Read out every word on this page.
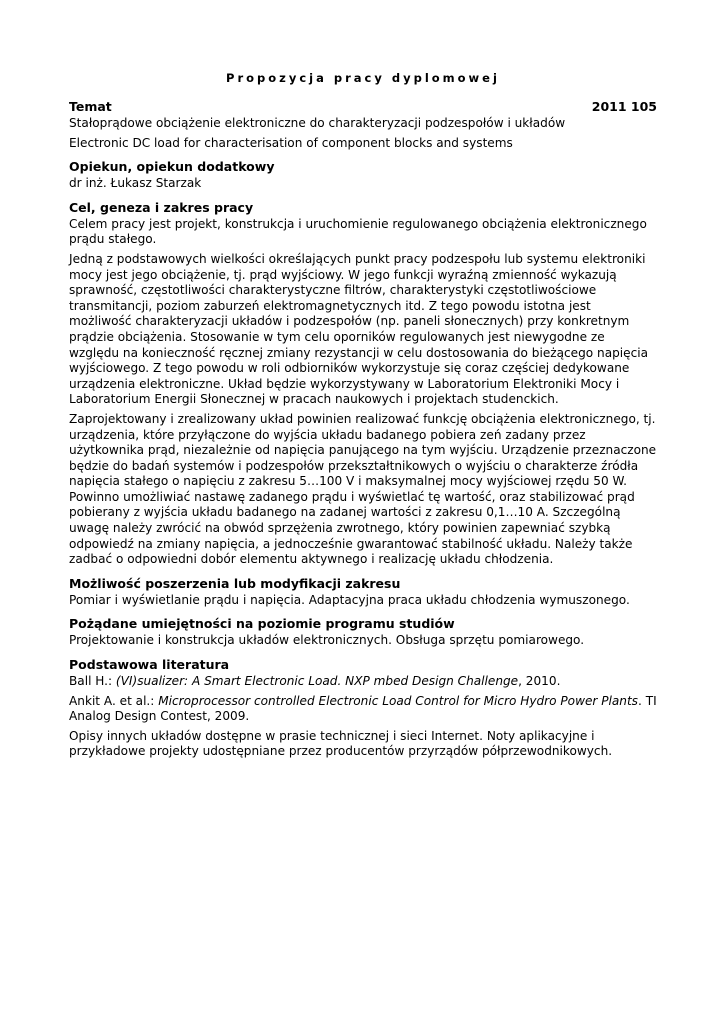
Propozycja pracy dyplomowej
Temat	2011 105

Stałoprądowe obciążenie elektroniczne do charakteryzacji podzespołów i układów

Electronic DC load for characterisation of component blocks and systems

Opiekun, opiekun dodatkowy

dr inż. Łukasz Starzak

Cel, geneza i zakres pracy

Celem pracy jest projekt, konstrukcja i uruchomienie regulowanego obciążenia elektronicznego prądu stałego.

Jedną z podstawowych wielkości określających punkt pracy podzespołu lub systemu elektroniki mocy jest jego obciążenie, tj. prąd wyjściowy. W jego funkcji wyraźną zmienność wykazują sprawność, częstotliwości charakterystyczne filtrów, charakterystyki częstotliwościowe transmitancji, poziom zaburzeń elektromagnetycznych itd. Z tego powodu istotna jest możliwość charakteryzacji układów i podzespołów (np. paneli słonecznych) przy konkretnym prądzie obciążenia. Stosowanie w tym celu oporników regulowanych jest niewygodne ze względu na konieczność ręcznej zmiany rezystancji w celu dostosowania do bieżącego napięcia wyjściowego. Z tego powodu w roli odbiorników wykorzystuje się coraz częściej dedykowane urządzenia elektroniczne. Układ będzie wykorzystywany w Laboratorium Elektroniki Mocy i Laboratorium Energii Słonecznej w pracach naukowych i projektach studenckich.

Zaprojektowany i zrealizowany układ powinien realizować funkcję obciążenia elektronicznego, tj. urządzenia, które przyłączone do wyjścia układu badanego pobiera zeń zadany przez użytkownika prąd, niezależnie od napięcia panującego na tym wyjściu. Urządzenie przeznaczone będzie do badań systemów i podzespołów przekształtnikowych o wyjściu o charakterze źródła napięcia stałego o napięciu z zakresu 5…100 V i maksymalnej mocy wyjściowej rzędu 50 W. Powinno umożliwiać nastawę zadanego prądu i wyświetlać tę wartość, oraz stabilizować prąd pobierany z wyjścia układu badanego na zadanej wartości z zakresu 0,1…10 A. Szczególną uwagę należy zwrócić na obwód sprzężenia zwrotnego, który powinien zapewniać szybką odpowiedź na zmiany napięcia, a jednocześnie gwarantować stabilność układu. Należy także zadbać o odpowiedni dobór elementu aktywnego i realizację układu chłodzenia.

Możliwość poszerzenia lub modyfikacji zakresu

Pomiar i wyświetlanie prądu i napięcia. Adaptacyjna praca układu chłodzenia wymuszonego.

Pożądane umiejętności na poziomie programu studiów

Projektowanie i konstrukcja układów elektronicznych. Obsługa sprzętu pomiarowego.

Podstawowa literatura

Ball H.: (VI)sualizer: A Smart Electronic Load. NXP mbed Design Challenge, 2010.

Ankit A. et al.: Microprocessor controlled Electronic Load Control for Micro Hydro Power Plants. TI Analog Design Contest, 2009.

Opisy innych układów dostępne w prasie technicznej i sieci Internet. Noty aplikacyjne i przykładowe projekty udostępniane przez producentów przyrządów półprzewodnikowych.
